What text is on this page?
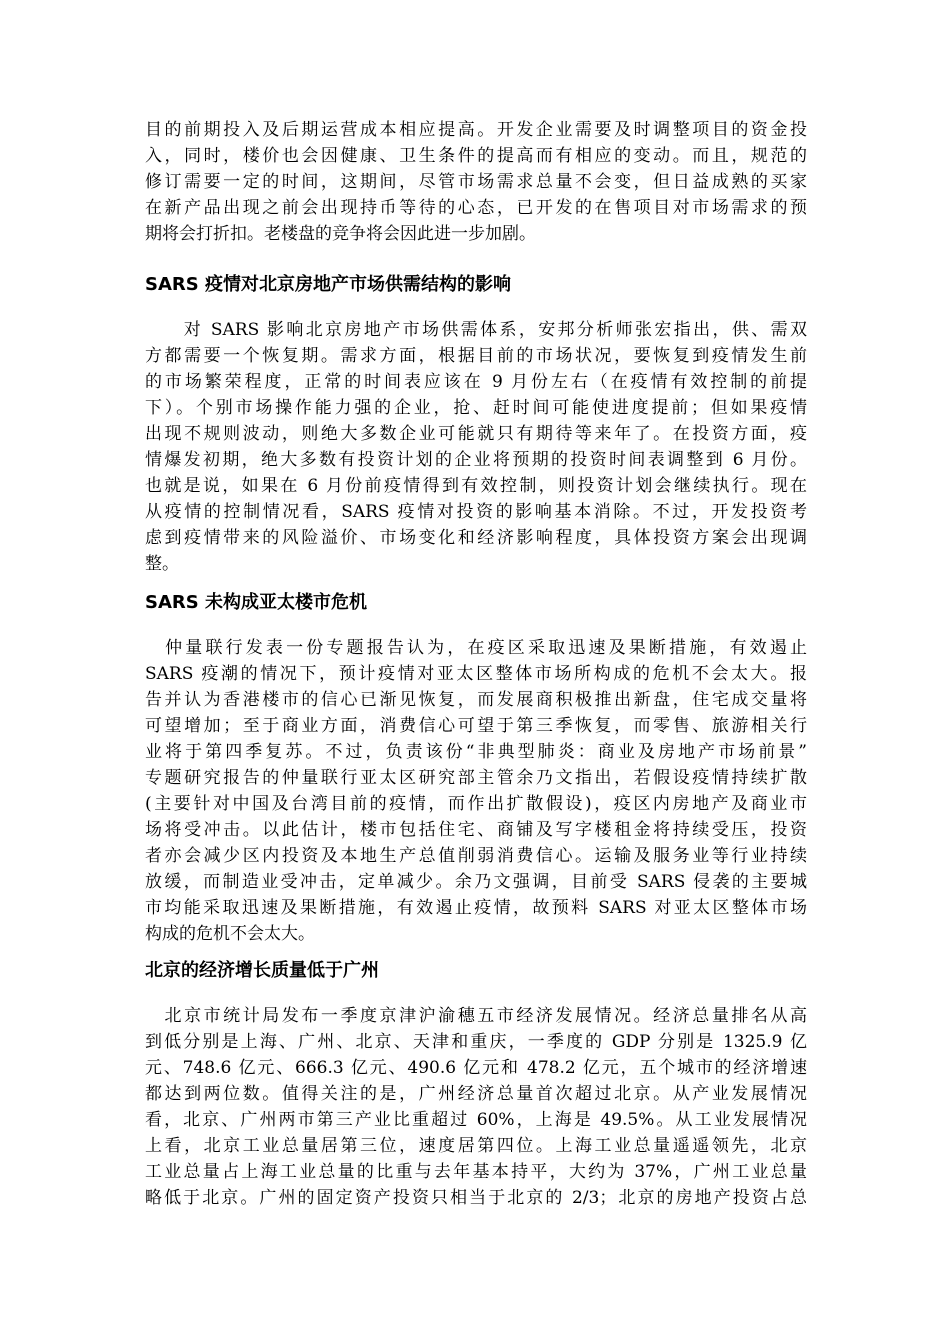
目的前期投入及后期运营成本相应提高。开发企业需要及时调整项目的资金投
入，同时，楼价也会因健康、卫生条件的提高而有相应的变动。而且，规范的
修订需要一定的时间，这期间，尽管市场需求总量不会变，但日益成熟的买家
在新产品出现之前会出现持币等待的心态，已开发的在售项目对市场需求的预
期将会打折扣。老楼盘的竞争将会因此进一步加剧。
SARS 疫情对北京房地产市场供需结构的影响
　　对 SARS 影响北京房地产市场供需体系，安邦分析师张宏指出，供、需双
方都需要一个恢复期。需求方面，根据目前的市场状况，要恢复到疫情发生前
的市场繁荣程度，正常的时间表应该在 9 月份左右（在疫情有效控制的前提
下）。个别市场操作能力强的企业，抢、赶时间可能使进度提前；但如果疫情
出现不规则波动，则绝大多数企业可能就只有期待等来年了。在投资方面，疫
情爆发初期，绝大多数有投资计划的企业将预期的投资时间表调整到 6 月份。
也就是说，如果在 6 月份前疫情得到有效控制，则投资计划会继续执行。现在
从疫情的控制情况看，SARS 疫情对投资的影响基本消除。不过，开发投资考
虑到疫情带来的风险溢价、市场变化和经济影响程度，具体投资方案会出现调
整。
SARS 未构成亚太楼市危机
　仲量联行发表一份专题报告认为，在疫区采取迅速及果断措施，有效遏止
SARS 疫潮的情况下，预计疫情对亚太区整体市场所构成的危机不会太大。报
告并认为香港楼市的信心已渐见恢复，而发展商积极推出新盘，住宅成交量将
可望增加；至于商业方面，消费信心可望于第三季恢复，而零售、旅游相关行
业将于第四季复苏。不过，负责该份“非典型肺炎：商业及房地产市场前景”
专题研究报告的仲量联行亚太区研究部主管余乃文指出，若假设疫情持续扩散
(主要针对中国及台湾目前的疫情，而作出扩散假设)，疫区内房地产及商业市
场将受冲击。以此估计，楼市包括住宅、商铺及写字楼租金将持续受压，投资
者亦会减少区内投资及本地生产总值削弱消费信心。运输及服务业等行业持续
放缓，而制造业受冲击，定单减少。余乃文强调，目前受 SARS 侵袭的主要城
市均能采取迅速及果断措施，有效遏止疫情，故预料 SARS 对亚太区整体市场
构成的危机不会太大。
北京的经济增长质量低于广州
　北京市统计局发布一季度京津沪渝穗五市经济发展情况。经济总量排名从高
到低分别是上海、广州、北京、天津和重庆，一季度的 GDP 分别是 1325.9 亿
元、748.6 亿元、666.3 亿元、490.6 亿元和 478.2 亿元，五个城市的经济增速
都达到两位数。值得关注的是，广州经济总量首次超过北京。从产业发展情况
看，北京、广州两市第三产业比重超过 60%，上海是 49.5%。从工业发展情况
上看，北京工业总量居第三位，速度居第四位。上海工业总量遥遥领先，北京
工业总量占上海工业总量的比重与去年基本持平，大约为 37%，广州工业总量
略低于北京。广州的固定资产投资只相当于北京的 2/3；北京的房地产投资占总
